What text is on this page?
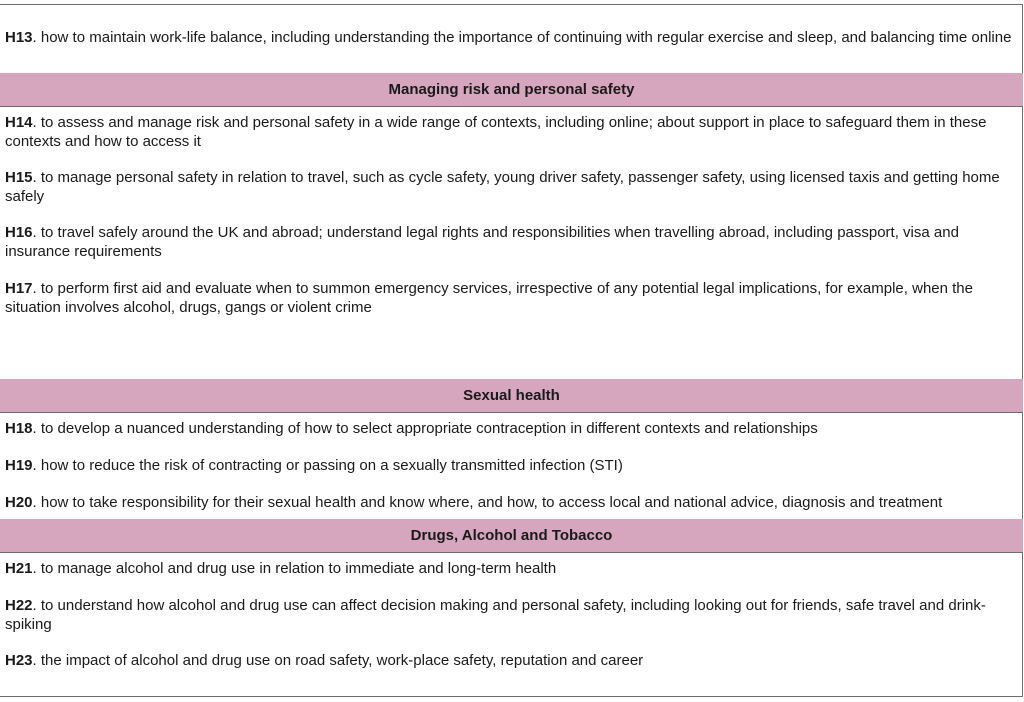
H13. how to maintain work-life balance, including understanding the importance of continuing with regular exercise and sleep, and balancing time online
Managing risk and personal safety
H14. to assess and manage risk and personal safety in a wide range of contexts, including online; about support in place to safeguard them in these contexts and how to access it
H15. to manage personal safety in relation to travel, such as cycle safety, young driver safety, passenger safety, using licensed taxis and getting home safely
H16. to travel safely around the UK and abroad; understand legal rights and responsibilities when travelling abroad, including passport, visa and insurance requirements
H17. to perform first aid and evaluate when to summon emergency services, irrespective of any potential legal implications, for example, when the situation involves alcohol, drugs, gangs or violent crime
Sexual health
H18. to develop a nuanced understanding of how to select appropriate contraception in different contexts and relationships
H19. how to reduce the risk of contracting or passing on a sexually transmitted infection (STI)
H20. how to take responsibility for their sexual health and know where, and how, to access local and national advice, diagnosis and treatment
Drugs, Alcohol and Tobacco
H21. to manage alcohol and drug use in relation to immediate and long-term health
H22. to understand how alcohol and drug use can affect decision making and personal safety, including looking out for friends, safe travel and drink-spiking
H23. the impact of alcohol and drug use on road safety, work-place safety, reputation and career
